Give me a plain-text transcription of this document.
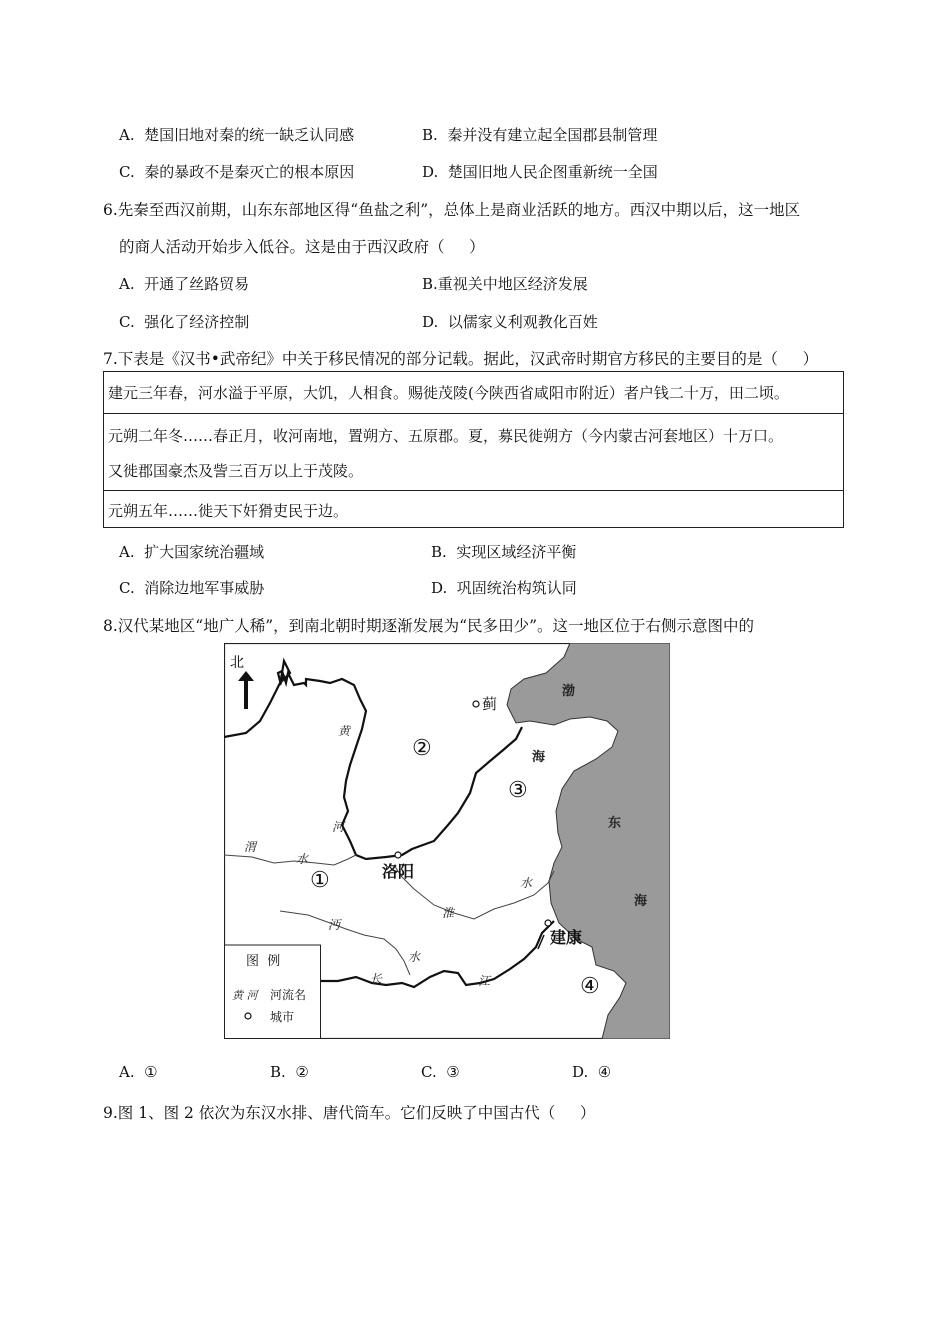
A.  楚国旧地对秦的统一缺乏认同感	B.  秦并没有建立起全国郡县制管理
C.  秦的暴政不是秦灭亡的根本原因	D.  楚国旧地人民企图重新统一全国
6.先秦至西汉前期，山东东部地区得“鱼盐之利”，总体上是商业活跃的地方。西汉中期以后，这一地区
的商人活动开始步入低谷。这是由于西汉政府（     ）
A.  开通了丝路贸易	B.重视关中地区经济发展
C.  强化了经济控制	D.  以儒家义利观教化百姓
7.下表是《汉书•武帝纪》中关于移民情况的部分记载。据此，汉武帝时期官方移民的主要目的是（     ）
建元三年春，河水溢于平原，大饥，人相食。赐徙茂陵(今陕西省咸阳市附近）者户钱二十万，田二顷。
元朔二年冬……春正月，收河南地，置朔方、五原郡。夏，募民徙朔方（今内蒙古河套地区）十万口。
又徙郡国豪杰及訾三百万以上于茂陵。
元朔五年……徙天下奸猾吏民于边。
A.  扩大国家统治疆域	B.  实现区域经济平衡
C.  消除边地军事威胁	D.  巩固统治构筑认同
8.汉代某地区“地广人稀”，到南北朝时期逐渐发展为“民多田少”。这一地区位于右侧示意图中的
北
黄
河
渭
水
淮
水
沔
水
长	江
渤
海
东
海
蓟
洛阳
建康
②
③
①
④
图  例
黄 河 河流名
城市
A.  ①	B.  ②	C.  ③	D.  ④
9.图 1、图 2 依次为东汉水排、唐代筒车。它们反映了中国古代（     ）
